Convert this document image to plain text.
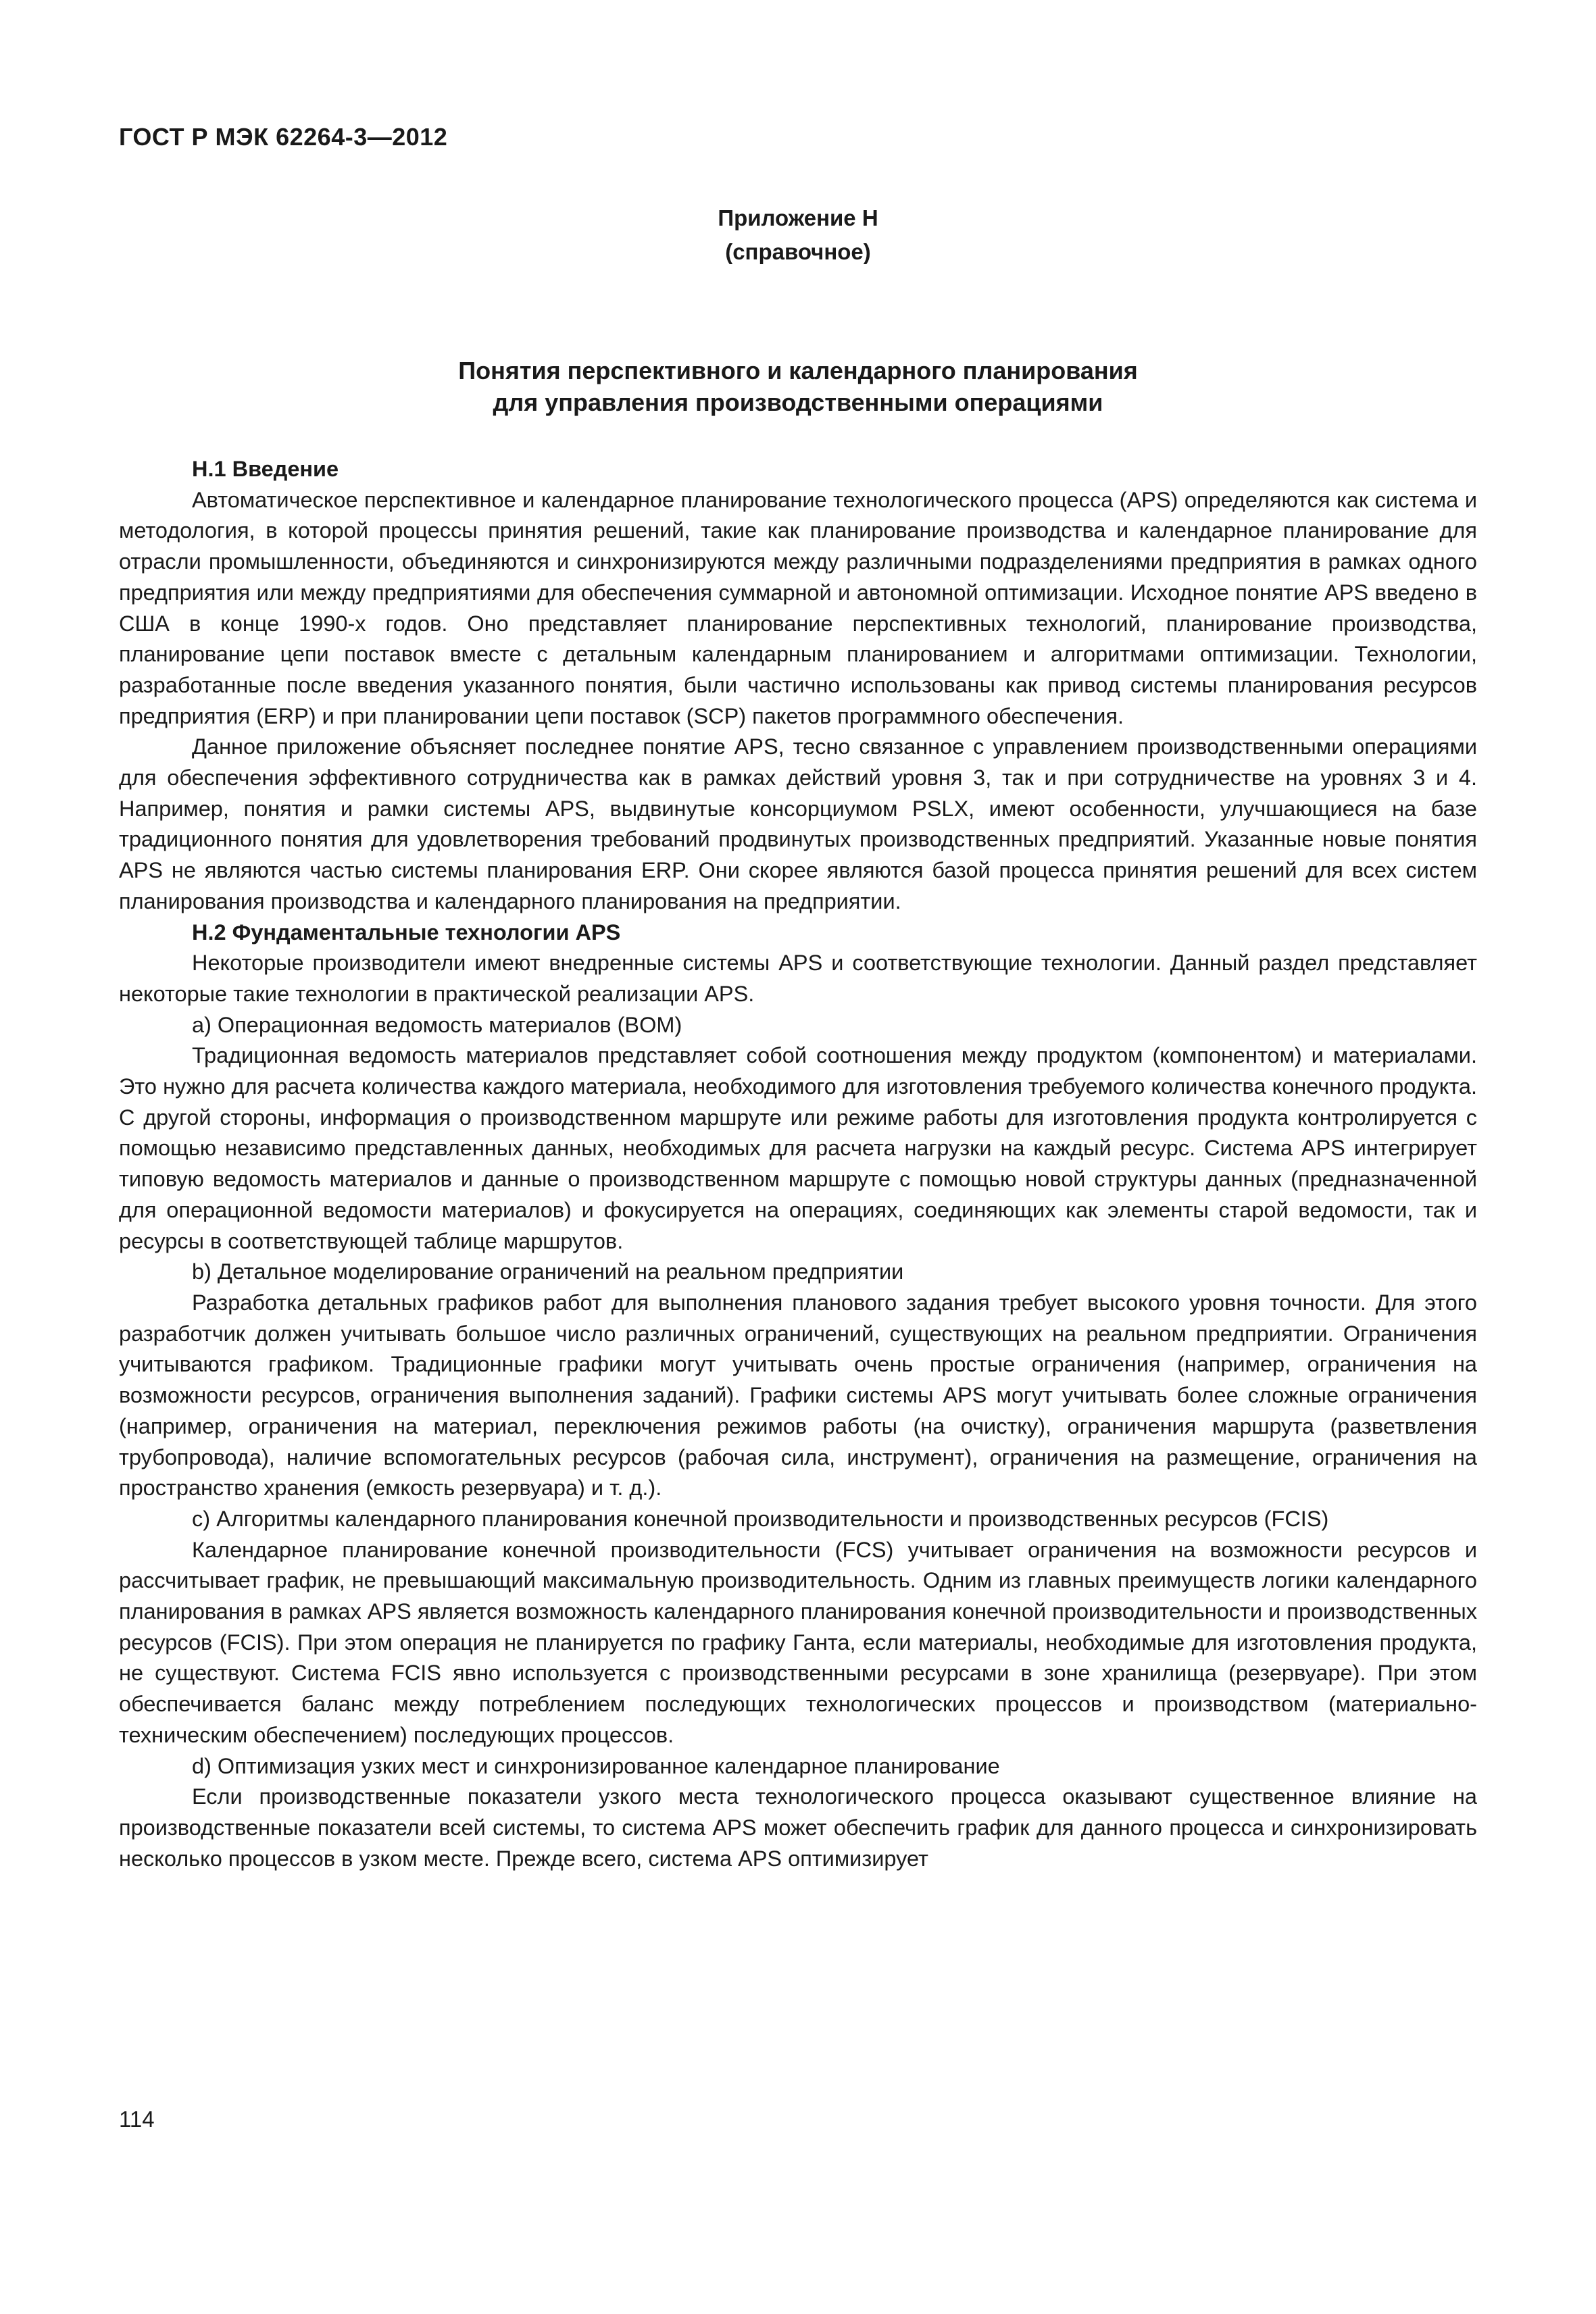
ГОСТ Р МЭК 62264-3—2012
Приложение Н
(справочное)
Понятия перспективного и календарного планирования
для управления производственными операциями

Н.1 Введение

Автоматическое перспективное и календарное планирование технологического процесса (APS) определяются как система и методология, в которой процессы принятия решений, такие как планирование производства и календарное планирование для отрасли промышленности, объединяются и синхронизируются между различными подразделениями предприятия в рамках одного предприятия или между предприятиями для обеспечения суммарной и автономной оптимизации. Исходное понятие APS введено в США в конце 1990-х годов. Оно представляет планирование перспективных технологий, планирование производства, планирование цепи поставок вместе с детальным календарным планированием и алгоритмами оптимизации. Технологии, разработанные после введения указанного понятия, были частично использованы как привод системы планирования ресурсов предприятия (ERP) и при планировании цепи поставок (SCP) пакетов программного обеспечения.

Данное приложение объясняет последнее понятие APS, тесно связанное с управлением производственными операциями для обеспечения эффективного сотрудничества как в рамках действий уровня 3, так и при сотрудничестве на уровнях 3 и 4. Например, понятия и рамки системы APS, выдвинутые консорциумом PSLX, имеют особенности, улучшающиеся на базе традиционного понятия для удовлетворения требований продвинутых производственных предприятий. Указанные новые понятия APS не являются частью системы планирования ERP. Они скорее являются базой процесса принятия решений для всех систем планирования производства и календарного планирования на предприятии.

Н.2 Фундаментальные технологии APS

Некоторые производители имеют внедренные системы APS и соответствующие технологии. Данный раздел представляет некоторые такие технологии в практической реализации APS.

a) Операционная ведомость материалов (BOM)

Традиционная ведомость материалов представляет собой соотношения между продуктом (компонентом) и материалами. Это нужно для расчета количества каждого материала, необходимого для изготовления требуемого количества конечного продукта. С другой стороны, информация о производственном маршруте или режиме работы для изготовления продукта контролируется с помощью независимо представленных данных, необходимых для расчета нагрузки на каждый ресурс. Система APS интегрирует типовую ведомость материалов и данные о производственном маршруте с помощью новой структуры данных (предназначенной для операционной ведомости материалов) и фокусируется на операциях, соединяющих как элементы старой ведомости, так и ресурсы в соответствующей таблице маршрутов.

b) Детальное моделирование ограничений на реальном предприятии

Разработка детальных графиков работ для выполнения планового задания требует высокого уровня точности. Для этого разработчик должен учитывать большое число различных ограничений, существующих на реальном предприятии. Ограничения учитываются графиком. Традиционные графики могут учитывать очень простые ограничения (например, ограничения на возможности ресурсов, ограничения выполнения заданий). Графики системы APS могут учитывать более сложные ограничения (например, ограничения на материал, переключения режимов работы (на очистку), ограничения маршрута (разветвления трубопровода), наличие вспомогательных ресурсов (рабочая сила, инструмент), ограничения на размещение, ограничения на пространство хранения (емкость резервуара) и т. д.).

c) Алгоритмы календарного планирования конечной производительности и производственных ресурсов (FCIS)

Календарное планирование конечной производительности (FCS) учитывает ограничения на возможности ресурсов и рассчитывает график, не превышающий максимальную производительность. Одним из главных преимуществ логики календарного планирования в рамках APS является возможность календарного планирования конечной производительности и производственных ресурсов (FCIS). При этом операция не планируется по графику Ганта, если материалы, необходимые для изготовления продукта, не существуют. Система FCIS явно используется с производственными ресурсами в зоне хранилища (резервуаре). При этом обеспечивается баланс между потреблением последующих технологических процессов и производством (материально-техническим обеспечением) последующих процессов.

d) Оптимизация узких мест и синхронизированное календарное планирование

Если производственные показатели узкого места технологического процесса оказывают существенное влияние на производственные показатели всей системы, то система APS может обеспечить график для данного процесса и синхронизировать несколько процессов в узком месте. Прежде всего, система APS оптимизирует

114
